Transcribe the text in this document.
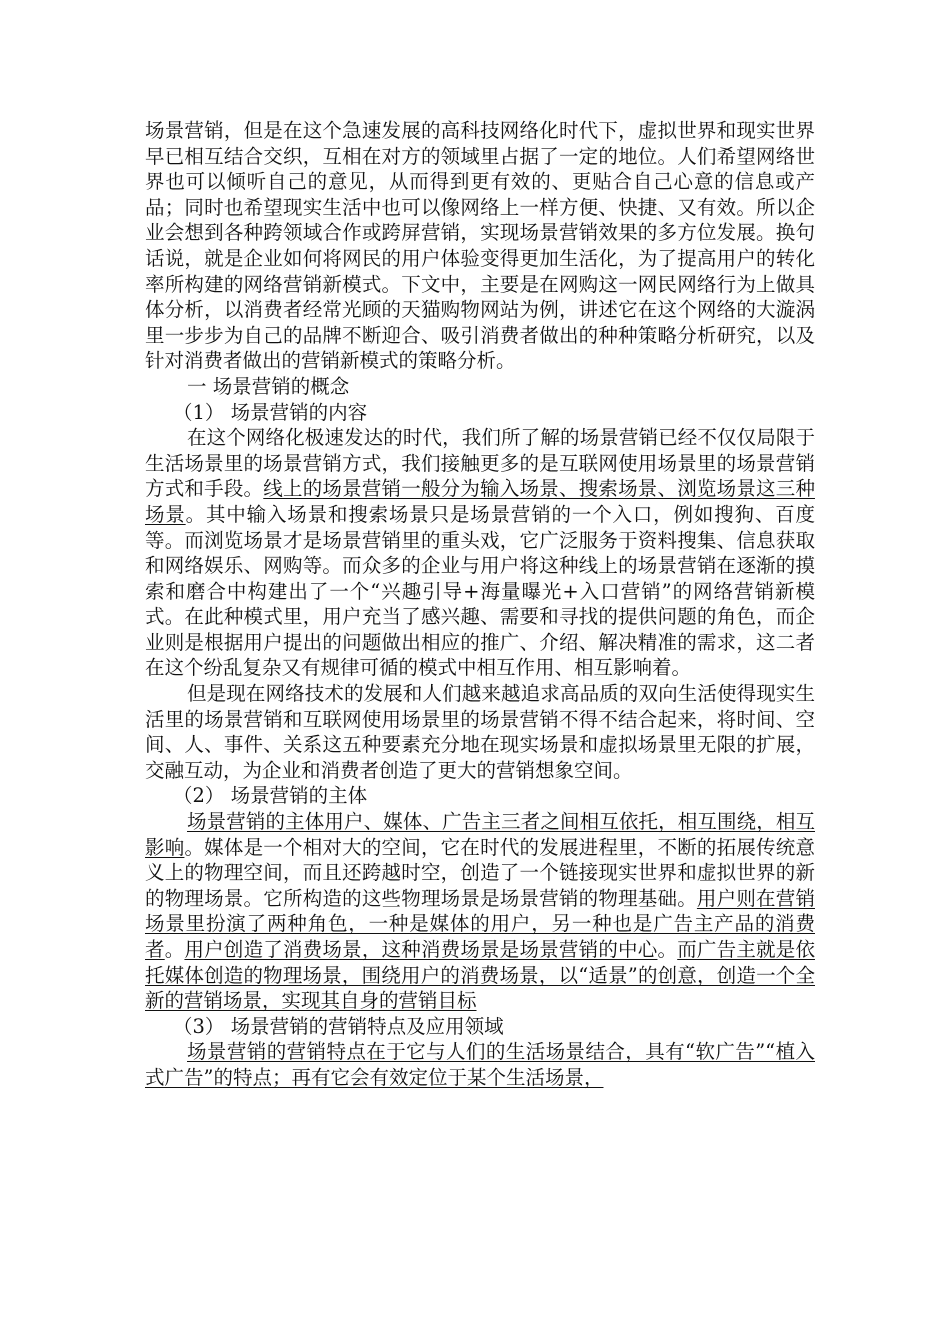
场景营销，但是在这个急速发展的高科技网络化时代下，虚拟世界和现实世界早已相互结合交织，互相在对方的领域里占据了一定的地位。人们希望网络世界也可以倾听自己的意见，从而得到更有效的、更贴合自己心意的信息或产品；同时也希望现实生活中也可以像网络上一样方便、快捷、又有效。所以企业会想到各种跨领域合作或跨屏营销，实现场景营销效果的多方位发展。换句话说，就是企业如何将网民的用户体验变得更加生活化，为了提高用户的转化率所构建的网络营销新模式。下文中，主要是在网购这一网民网络行为上做具体分析，以消费者经常光顾的天猫购物网站为例，讲述它在这个网络的大漩涡里一步步为自己的品牌不断迎合、吸引消费者做出的种种策略分析研究，以及针对消费者做出的营销新模式的策略分析。

一 场景营销的概念

（1） 场景营销的内容

在这个网络化极速发达的时代，我们所了解的场景营销已经不仅仅局限于生活场景里的场景营销方式，我们接触更多的是互联网使用场景里的场景营销方式和手段。线上的场景营销一般分为输入场景、搜索场景、浏览场景这三种场景。其中输入场景和搜索场景只是场景营销的一个入口，例如搜狗、百度等。而浏览场景才是场景营销里的重头戏，它广泛服务于资料搜集、信息获取和网络娱乐、网购等。而众多的企业与用户将这种线上的场景营销在逐渐的摸索和磨合中构建出了一个“兴趣引导+海量曝光+入口营销”的网络营销新模式。在此种模式里，用户充当了感兴趣、需要和寻找的提供问题的角色，而企业则是根据用户提出的问题做出相应的推广、介绍、解决精准的需求，这二者在这个纷乱复杂又有规律可循的模式中相互作用、相互影响着。

但是现在网络技术的发展和人们越来越追求高品质的双向生活使得现实生活里的场景营销和互联网使用场景里的场景营销不得不结合起来，将时间、空间、人、事件、关系这五种要素充分地在现实场景和虚拟场景里无限的扩展，交融互动，为企业和消费者创造了更大的营销想象空间。

（2） 场景营销的主体

场景营销的主体用户、媒体、广告主三者之间相互依托，相互围绕，相互影响。媒体是一个相对大的空间，它在时代的发展进程里，不断的拓展传统意义上的物理空间，而且还跨越时空，创造了一个链接现实世界和虚拟世界的新的物理场景。它所构造的这些物理场景是场景营销的物理基础。用户则在营销场景里扮演了两种角色，一种是媒体的用户，另一种也是广告主产品的消费者。用户创造了消费场景，这种消费场景是场景营销的中心。而广告主就是依托媒体创造的物理场景，围绕用户的消费场景，以“适景”的创意，创造一个全新的营销场景，实现其自身的营销目标

（3） 场景营销的营销特点及应用领域

场景营销的营销特点在于它与人们的生活场景结合，具有“软广告”“植入式广告”的特点；再有它会有效定位于某个生活场景，
